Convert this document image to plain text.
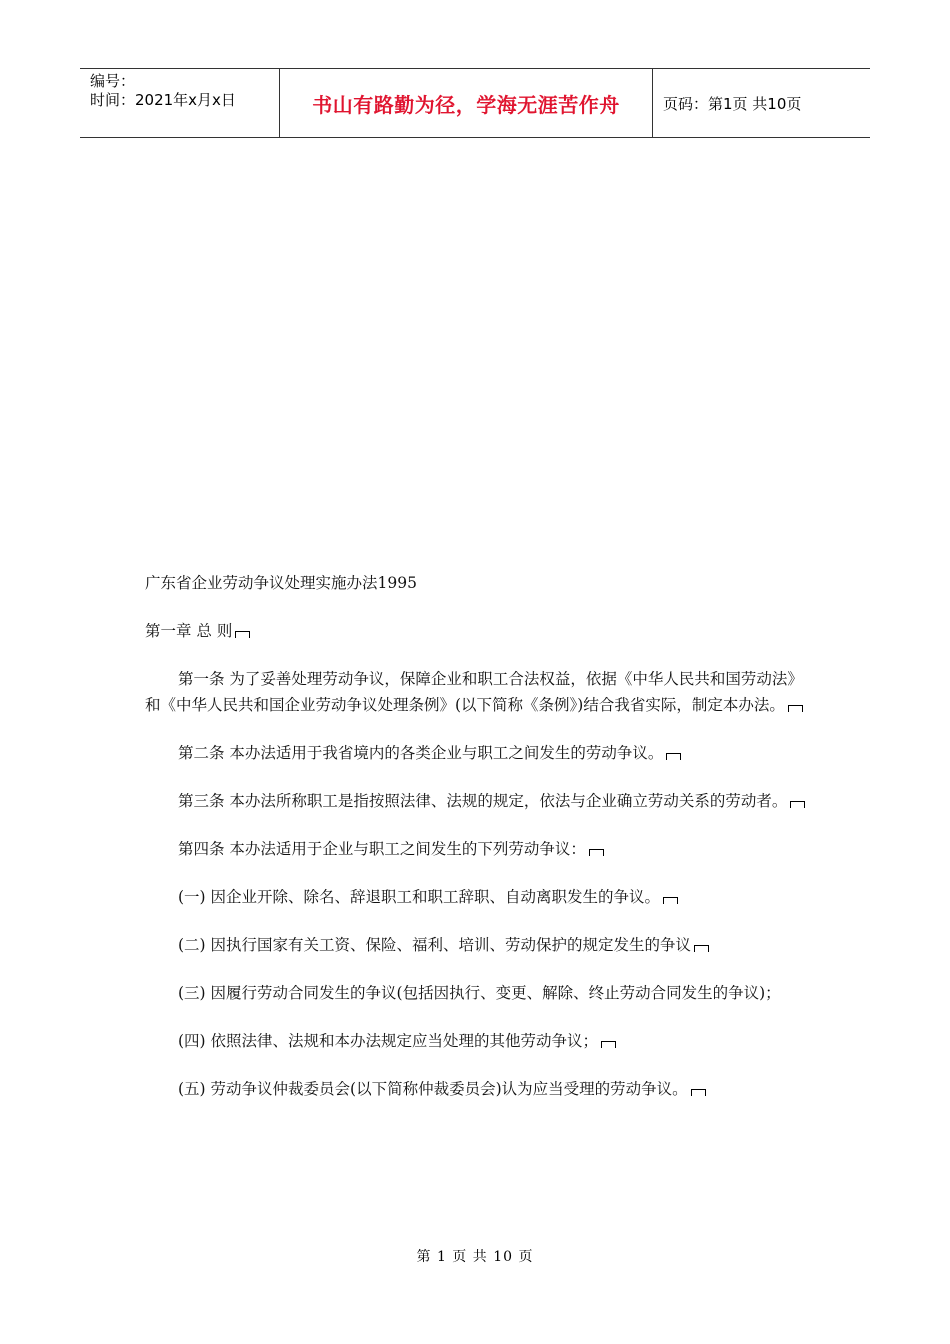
编号：
时间：2021年x月x日	书山有路勤为径，学海无涯苦作舟	页码：第1页 共10页

广东省企业劳动争议处理实施办法1995

第一章 总 则

第一条 为了妥善处理劳动争议，保障企业和职工合法权益，依据《中华人民共和国劳动法》和《中华人民共和国企业劳动争议处理条例》(以下简称《条例》)结合我省实际，制定本办法。

第二条 本办法适用于我省境内的各类企业与职工之间发生的劳动争议。

第三条 本办法所称职工是指按照法律、法规的规定，依法与企业确立劳动关系的劳动者。

第四条 本办法适用于企业与职工之间发生的下列劳动争议：

(一) 因企业开除、除名、辞退职工和职工辞职、自动离职发生的争议。

(二) 因执行国家有关工资、保险、福利、培训、劳动保护的规定发生的争议

(三) 因履行劳动合同发生的争议(包括因执行、变更、解除、终止劳动合同发生的争议)；

(四) 依照法律、法规和本办法规定应当处理的其他劳动争议；

(五) 劳动争议仲裁委员会(以下简称仲裁委员会)认为应当受理的劳动争议。

第 1 页 共 10 页
